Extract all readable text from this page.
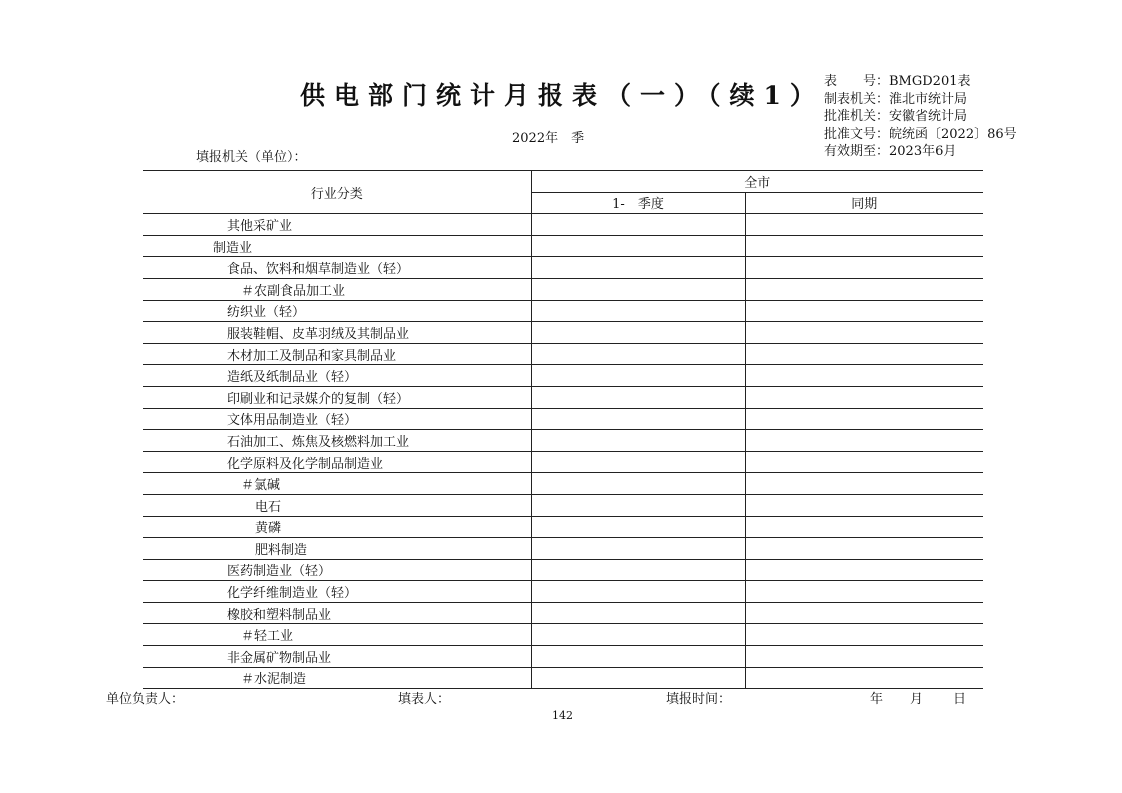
供电部门统计月报表（一）（续1） 表　　号：BMGD201表
制表机关：淮北市统计局
批准机关：安徽省统计局
批准文号：皖统函〔2022〕86号
有效期至：2023年6月
2022年　季
填报机关（单位）：
行业分类	全市	
	1-　季度	同期
其他采矿业		
制造业		
食品、饮料和烟草制造业（轻）		
＃农副食品加工业		
纺织业（轻）		
服装鞋帽、皮革羽绒及其制品业		
木材加工及制品和家具制品业		
造纸及纸制品业（轻）		
印刷业和记录媒介的复制（轻）		
文体用品制造业（轻）		
石油加工、炼焦及核燃料加工业		
化学原料及化学制品制造业		
＃氯碱		
电石		
黄磷		
肥料制造		
医药制造业（轻）		
化学纤维制造业（轻）		
橡胶和塑料制品业		
＃轻工业		
非金属矿物制品业		
＃水泥制造		
单位负责人：	填表人：	填报时间：	年 月 日
142
